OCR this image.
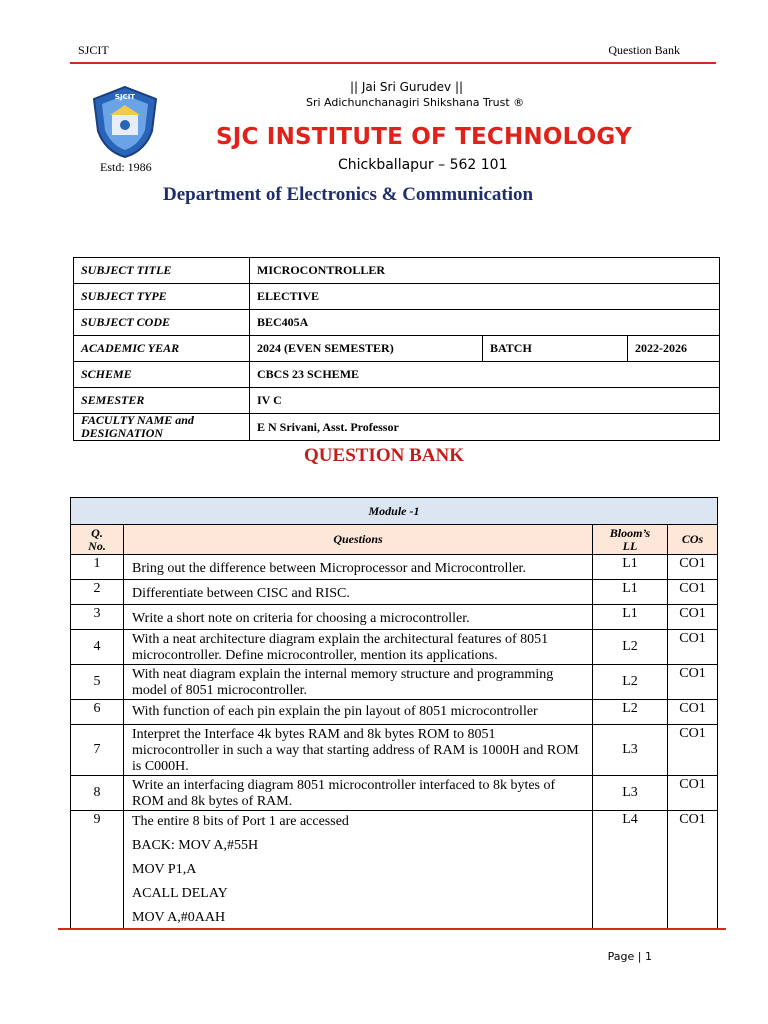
SJCIT	Question Bank
SJCIT
Estd: 1986
|| Jai Sri Gurudev ||
Sri Adichunchanagiri Shikshana Trust ®
SJC INSTITUTE OF TECHNOLOGY
Chickballapur – 562 101
Department of Electronics & Communication
SUBJECT TITLE	MICROCONTROLLER		
SUBJECT TYPE	ELECTIVE		
SUBJECT CODE	BEC405A		
ACADEMIC YEAR	2024 (EVEN SEMESTER)	BATCH	2022-2026
SCHEME	CBCS 23 SCHEME		
SEMESTER	IV C		
FACULTY NAME and
DESIGNATION	E N Srivani, Asst. Professor		
QUESTION BANK
Module -1			
Q.
No.	Questions	Bloom’s
LL	COs
1	Bring out the difference between Microprocessor and Microcontroller.	L1	CO1
2	Differentiate between CISC and RISC.	L1	CO1
3	Write a short note on criteria for choosing a microcontroller.	L1	CO1
4	With a neat architecture diagram explain the architectural features of 8051 microcontroller. Define microcontroller, mention its applications.	L2	CO1
5	With neat diagram explain the internal memory structure and programming model of 8051 microcontroller.	L2	CO1
6	With function of each pin explain the pin layout of 8051 microcontroller	L2	CO1
7	Interpret the Interface 4k bytes RAM and 8k bytes ROM to 8051 microcontroller in such a way that starting address of RAM is 1000H and ROM is C000H.	L3	CO1
8	Write an interfacing diagram 8051 microcontroller interfaced to 8k bytes of ROM and 8k bytes of RAM.	L3	CO1
9	The entire 8 bits of Port 1 are accessed
BACK: MOV A,#55H
MOV P1,A
ACALL DELAY
MOV A,#0AAH	L4	CO1
Page | 1
